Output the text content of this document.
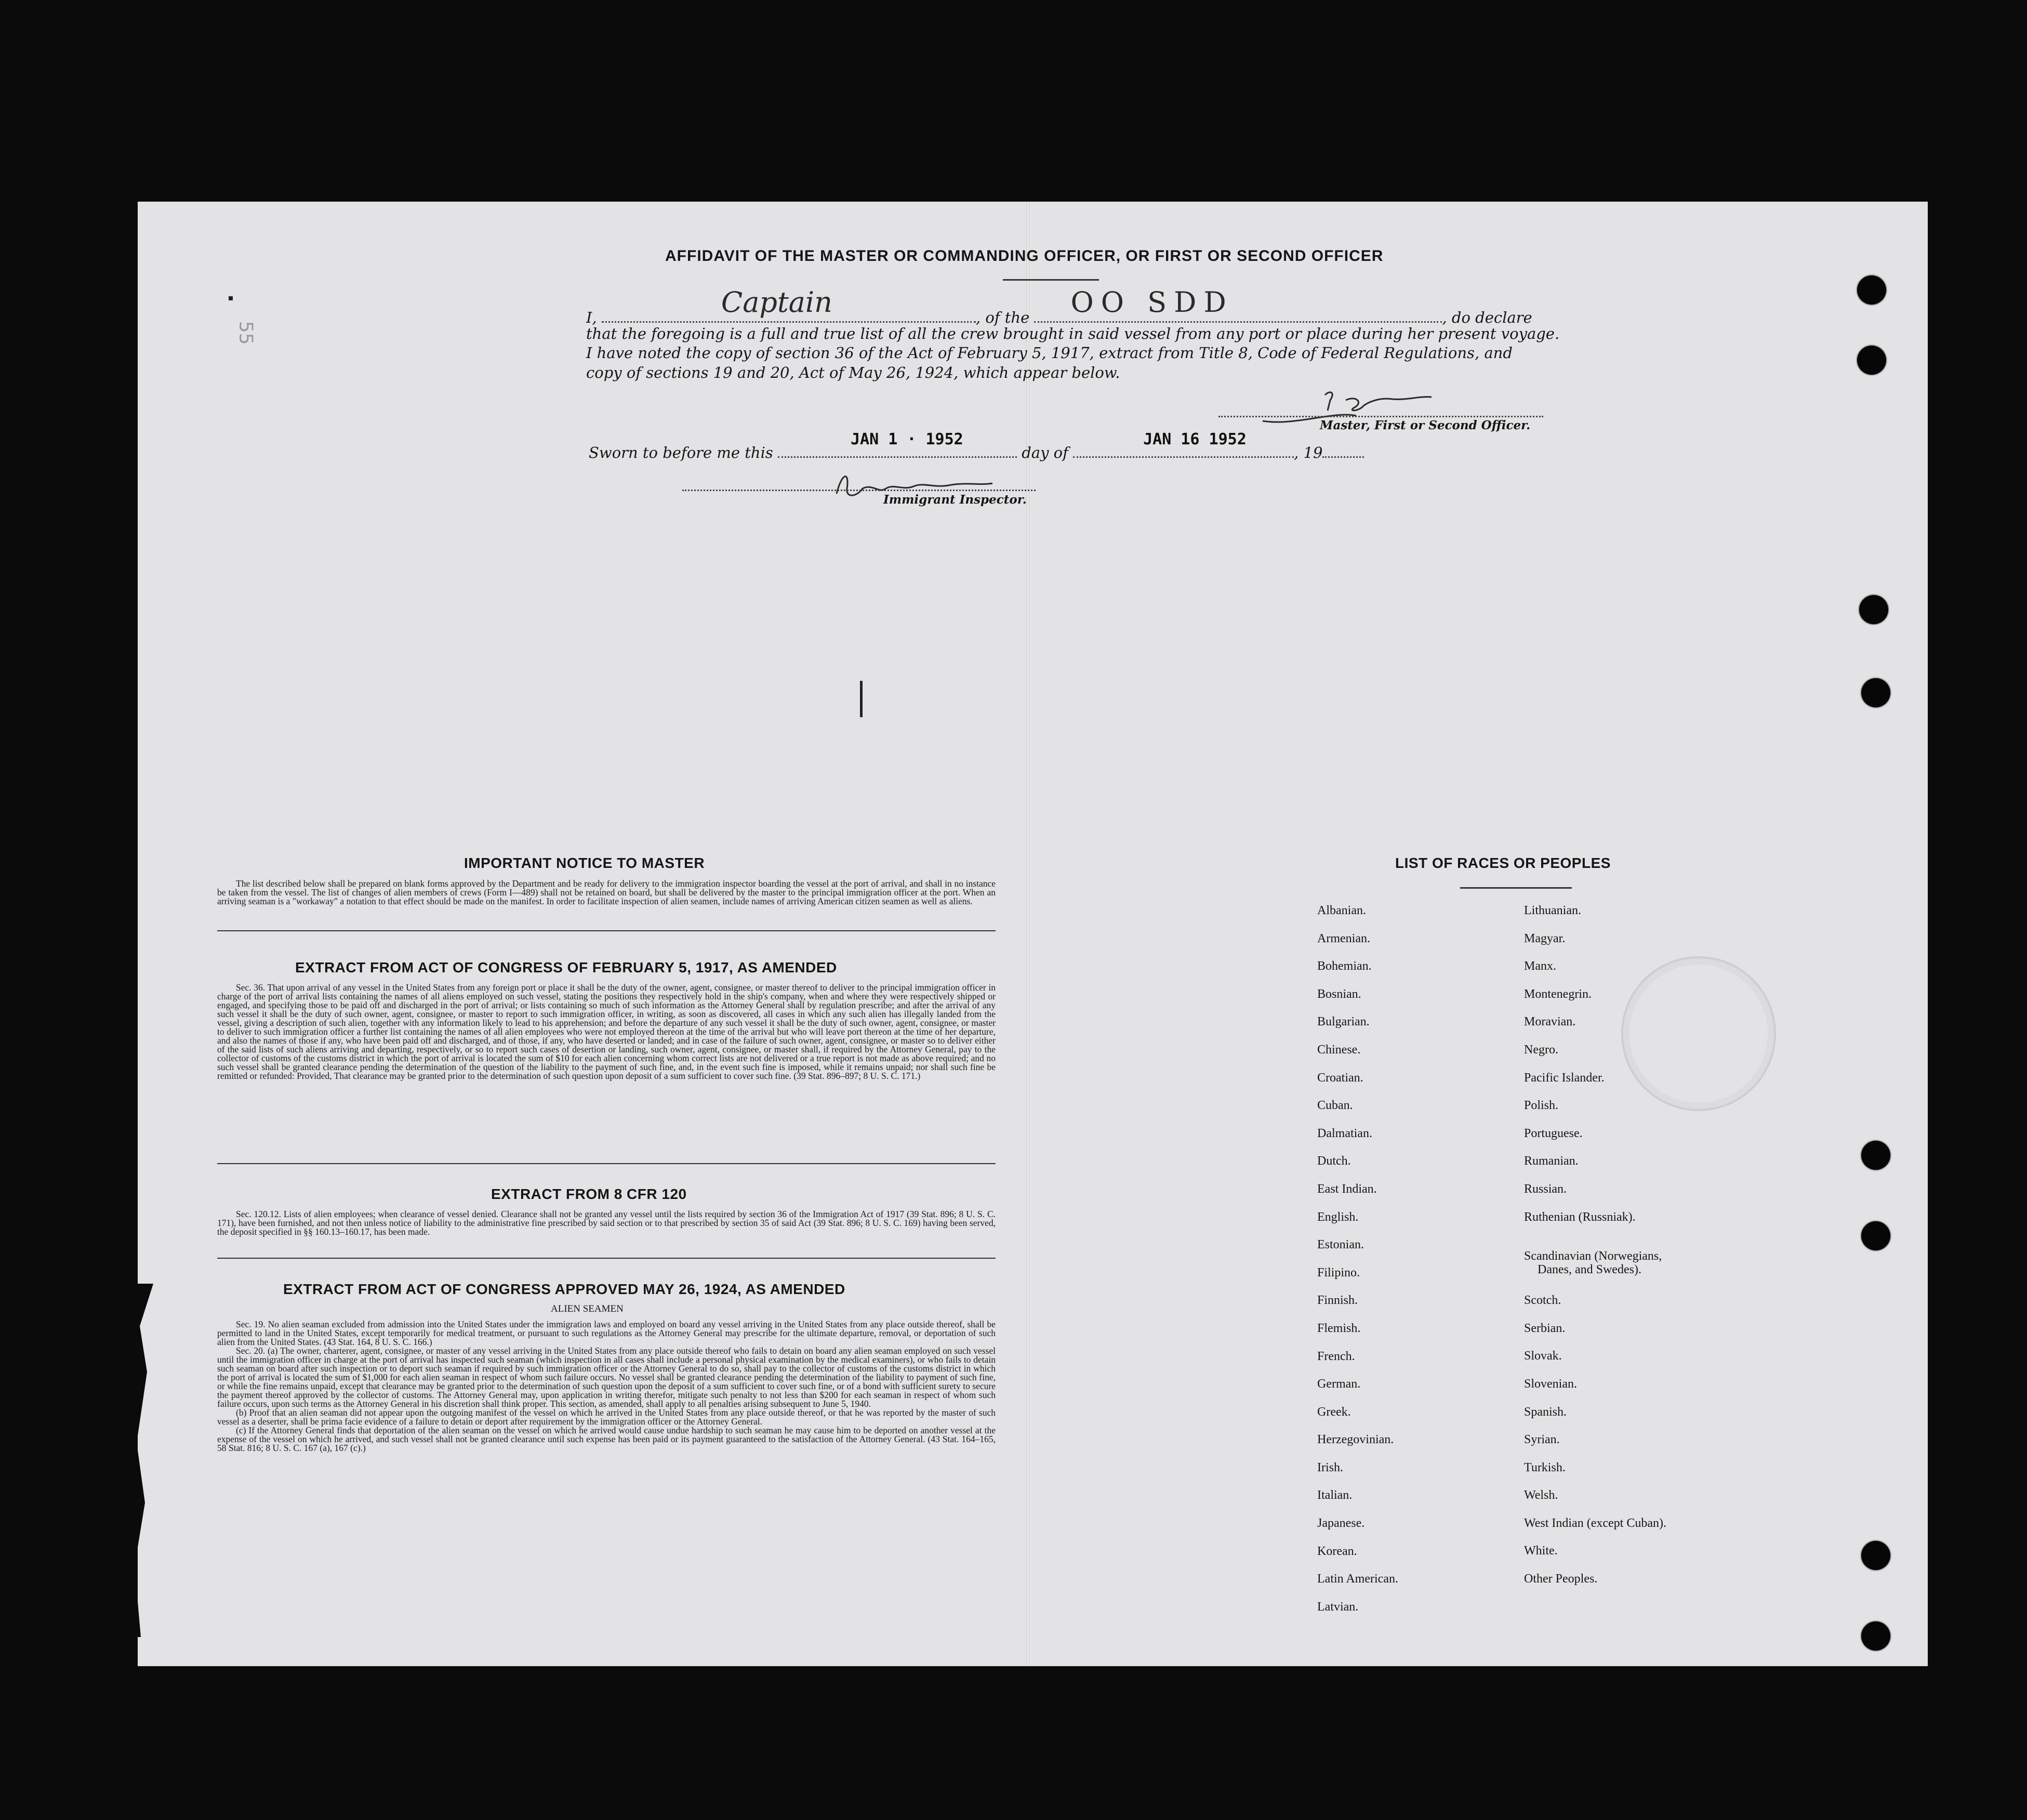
55
AFFIDAVIT OF THE MASTER OR COMMANDING OFFICER, OR FIRST OR SECOND OFFICER
I,	Captain	, of the OO SDD	, do declare
that the foregoing is a full and true list of all the crew brought in said vessel from any port or place during her present voyage.
I have noted the copy of section 36 of the Act of February 5, 1917, extract from Title 8, Code of Federal Regulations, and
copy of sections 19 and 20, Act of May 26, 1924, which appear below.
Master, First or Second Officer.
Sworn to before me this
JAN 1 · 1952
day of
JAN 16 1952
, 19
Immigrant Inspector.
IMPORTANT NOTICE TO MASTER

The list described below shall be prepared on blank forms approved by the Department and be ready for delivery to the immigration inspector boarding the vessel at the port of arrival, and shall in no instance be taken from the vessel. The list of changes of alien members of crews (Form I—489) shall not be retained on board, but shall be delivered by the master to the principal immigration officer at the port. When an arriving seaman is a "workaway" a notation to that effect should be made on the manifest. In order to facilitate inspection of alien seamen, include names of arriving American citizen seamen as well as aliens.

EXTRACT FROM ACT OF CONGRESS OF FEBRUARY 5, 1917, AS AMENDED

Sec. 36. That upon arrival of any vessel in the United States from any foreign port or place it shall be the duty of the owner, agent, consignee, or master thereof to deliver to the principal immigration officer in charge of the port of arrival lists containing the names of all aliens employed on such vessel, stating the positions they respectively hold in the ship's company, when and where they were respectively shipped or engaged, and specifying those to be paid off and discharged in the port of arrival; or lists containing so much of such information as the Attorney General shall by regulation prescribe; and after the arrival of any such vessel it shall be the duty of such owner, agent, consignee, or master to report to such immigration officer, in writing, as soon as discovered, all cases in which any such alien has illegally landed from the vessel, giving a description of such alien, together with any information likely to lead to his apprehension; and before the departure of any such vessel it shall be the duty of such owner, agent, consignee, or master to deliver to such immigration officer a further list containing the names of all alien employees who were not employed thereon at the time of the arrival but who will leave port thereon at the time of her departure, and also the names of those if any, who have been paid off and discharged, and of those, if any, who have deserted or landed; and in case of the failure of such owner, agent, consignee, or master so to deliver either of the said lists of such aliens arriving and departing, respectively, or so to report such cases of desertion or landing, such owner, agent, consignee, or master shall, if required by the Attorney General, pay to the collector of customs of the customs district in which the port of arrival is located the sum of $10 for each alien concerning whom correct lists are not delivered or a true report is not made as above required; and no such vessel shall be granted clearance pending the determination of the question of the liability to the payment of such fine, and, in the event such fine is imposed, while it remains unpaid; nor shall such fine be remitted or refunded: Provided, That clearance may be granted prior to the determination of such question upon deposit of a sum sufficient to cover such fine. (39 Stat. 896–897; 8 U. S. C. 171.)

EXTRACT FROM 8 CFR 120

Sec. 120.12. Lists of alien employees; when clearance of vessel denied. Clearance shall not be granted any vessel until the lists required by section 36 of the Immigration Act of 1917 (39 Stat. 896; 8 U. S. C. 171), have been furnished, and not then unless notice of liability to the administrative fine prescribed by said section or to that prescribed by section 35 of said Act (39 Stat. 896; 8 U. S. C. 169) having been served, the deposit specified in §§ 160.13–160.17, has been made.

EXTRACT FROM ACT OF CONGRESS APPROVED MAY 26, 1924, AS AMENDED
ALIEN SEAMEN

Sec. 19. No alien seaman excluded from admission into the United States under the immigration laws and employed on board any vessel arriving in the United States from any place outside thereof, shall be permitted to land in the United States, except temporarily for medical treatment, or pursuant to such regulations as the Attorney General may prescribe for the ultimate departure, removal, or deportation of such alien from the United States. (43 Stat. 164, 8 U. S. C. 166.)

Sec. 20. (a) The owner, charterer, agent, consignee, or master of any vessel arriving in the United States from any place outside thereof who fails to detain on board any alien seaman employed on such vessel until the immigration officer in charge at the port of arrival has inspected such seaman (which inspection in all cases shall include a personal physical examination by the medical examiners), or who fails to detain such seaman on board after such inspection or to deport such seaman if required by such immigration officer or the Attorney General to do so, shall pay to the collector of customs of the customs district in which the port of arrival is located the sum of $1,000 for each alien seaman in respect of whom such failure occurs. No vessel shall be granted clearance pending the determination of the liability to payment of such fine, or while the fine remains unpaid, except that clearance may be granted prior to the determination of such question upon the deposit of a sum sufficient to cover such fine, or of a bond with sufficient surety to secure the payment thereof approved by the collector of customs. The Attorney General may, upon application in writing therefor, mitigate such penalty to not less than $200 for each seaman in respect of whom such failure occurs, upon such terms as the Attorney General in his discretion shall think proper. This section, as amended, shall apply to all penalties arising subsequent to June 5, 1940.

(b) Proof that an alien seaman did not appear upon the outgoing manifest of the vessel on which he arrived in the United States from any place outside thereof, or that he was reported by the master of such vessel as a deserter, shall be prima facie evidence of a failure to detain or deport after requirement by the immigration officer or the Attorney General.

(c) If the Attorney General finds that deportation of the alien seaman on the vessel on which he arrived would cause undue hardship to such seaman he may cause him to be deported on another vessel at the expense of the vessel on which he arrived, and such vessel shall not be granted clearance until such expense has been paid or its payment guaranteed to the satisfaction of the Attorney General. (43 Stat. 164–165, 58 Stat. 816; 8 U. S. C. 167 (a), 167 (c).)

LIST OF RACES OR PEOPLES
Albanian.
Armenian.
Bohemian.
Bosnian.
Bulgarian.
Chinese.
Croatian.
Cuban.
Dalmatian.
Dutch.
East Indian.
English.
Estonian.
Filipino.
Finnish.
Flemish.
French.
German.
Greek.
Herzegovinian.
Irish.
Italian.
Japanese.
Korean.
Latin American.
Latvian.
Lithuanian.
Magyar.
Manx.
Montenegrin.
Moravian.
Negro.
Pacific Islander.
Polish.
Portuguese.
Rumanian.
Russian.
Ruthenian (Russniak).
Scandinavian (Norwegians,
Danes, and Swedes).
Scotch.
Serbian.
Slovak.
Slovenian.
Spanish.
Syrian.
Turkish.
Welsh.
West Indian (except Cuban).
White.
Other Peoples.
